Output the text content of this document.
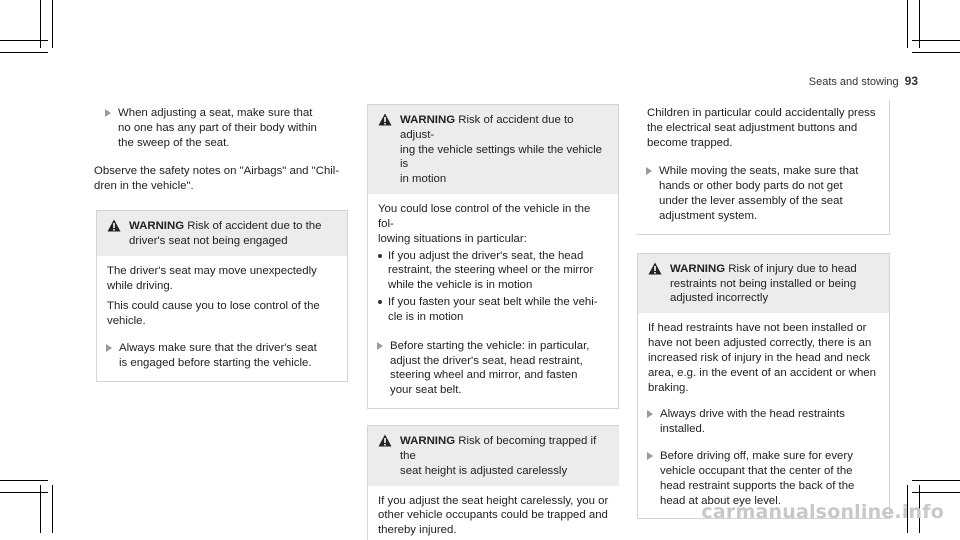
Seats and stowing 93

When adjusting a seat, make sure that
no one has any part of their body within
the sweep of the seat.

Observe the safety notes on "Airbags" and "Chil-
dren in the vehicle".

WARNING Risk of accident due to the
driver's seat not being engaged

The driver's seat may move unexpectedly
while driving.

This could cause you to lose control of the
vehicle.

Always make sure that the driver's seat
is engaged before starting the vehicle.

WARNING Risk of accident due to adjust-
ing the vehicle settings while the vehicle is
in motion

You could lose control of the vehicle in the fol-
lowing situations in particular:

If you adjust the driver's seat, the head
restraint, the steering wheel or the mirror
while the vehicle is in motion

If you fasten your seat belt while the vehi-
cle is in motion

Before starting the vehicle: in particular,
adjust the driver's seat, head restraint,
steering wheel and mirror, and fasten
your seat belt.

WARNING Risk of becoming trapped if the
seat height is adjusted carelessly

If you adjust the seat height carelessly, you or
other vehicle occupants could be trapped and
thereby injured.

Children in particular could accidentally press
the electrical seat adjustment buttons and
become trapped.

While moving the seats, make sure that
hands or other body parts do not get
under the lever assembly of the seat
adjustment system.

WARNING Risk of injury due to head
restraints not being installed or being
adjusted incorrectly

If head restraints have not been installed or
have not been adjusted correctly, there is an
increased risk of injury in the head and neck
area, e.g. in the event of an accident or when
braking.

Always drive with the head restraints
installed.

Before driving off, make sure for every
vehicle occupant that the center of the
head restraint supports the back of the
head at about eye level.

carmanualsonline.info
